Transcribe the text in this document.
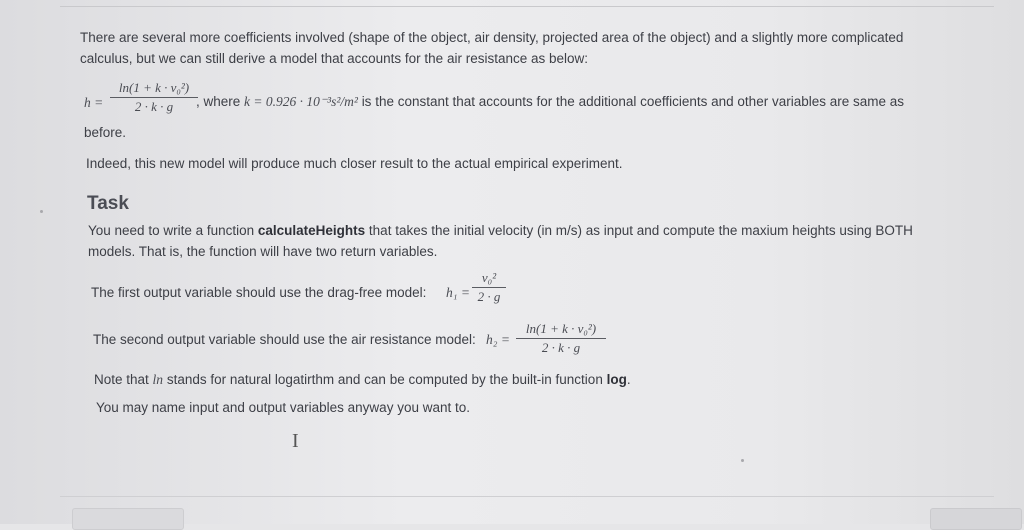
There are several more coefficients involved (shape of the object, air density, projected area of the object) and a slightly more complicated
calculus, but we can still derive a model that accounts for the air resistance as below:
h =
ln(1 + k · v₀²)
2 · k · g	, where k = 0.926 · 10⁻³s²/m² is the constant that accounts for the additional coefficients and other variables are same as
before.
Indeed, this new model will produce much closer result to the actual empirical experiment.
Task
You need to write a function calculateHeights that takes the initial velocity (in m/s) as input and compute the maxium heights using BOTH
models. That is, the function will have two return variables.
The first output variable should use the drag-free model: h₁ =
v₀²
2 · g
The second output variable should use the air resistance model: h₂ =
ln(1 + k · v₀²)
2 · k · g
Note that ln stands for natural logatirthm and can be computed by the built-in function log.
You may name input and output variables anyway you want to.
I
